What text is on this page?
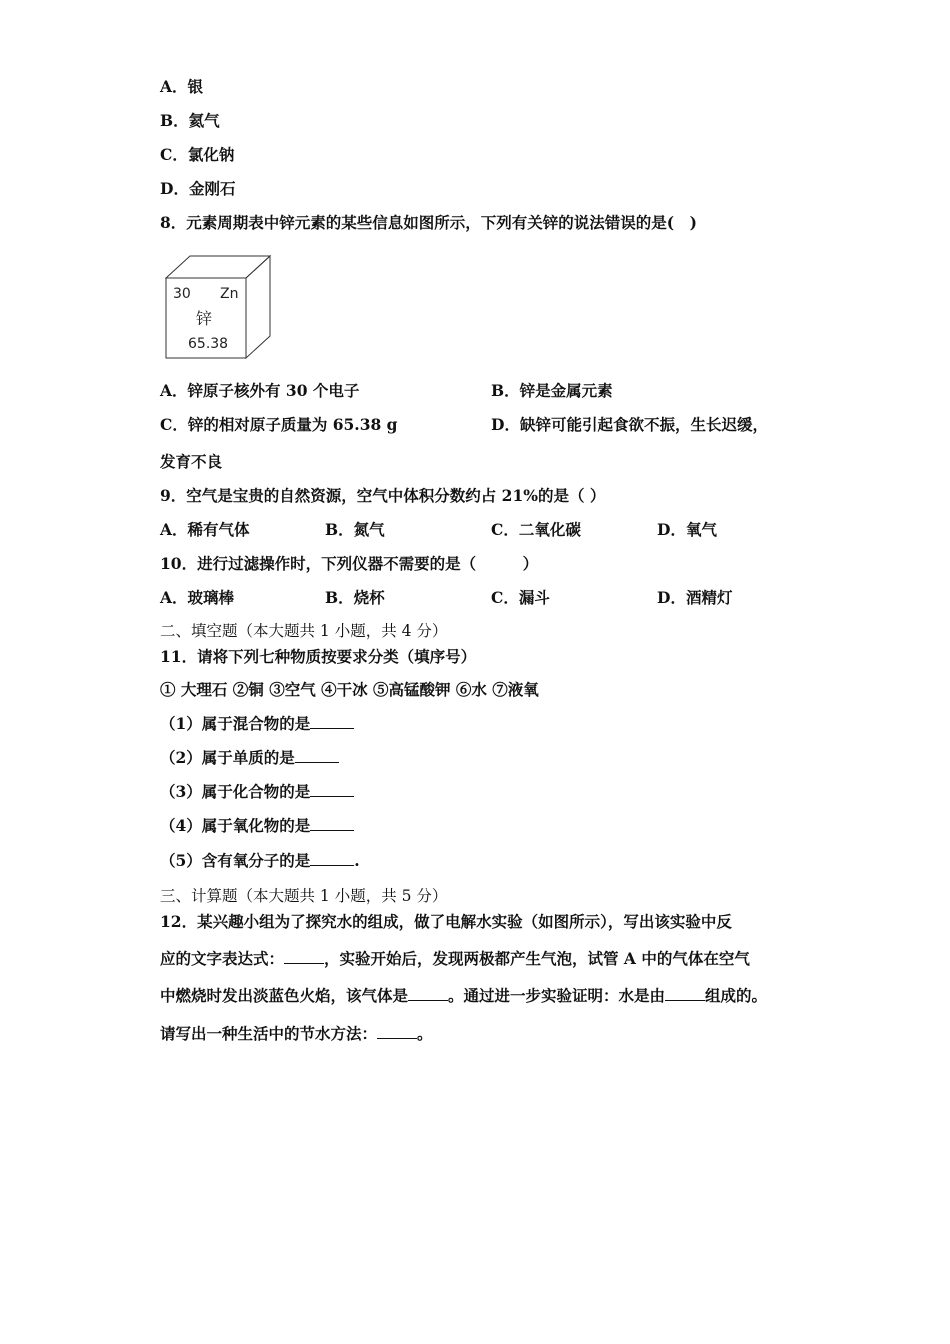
A．银
B．氦气
C．氯化钠
D．金刚石
8．元素周期表中锌元素的某些信息如图所示，下列有关锌的说法错误的是(　)
30 Zn
锌
65.38
A．锌原子核外有 30 个电子	B．锌是金属元素
C．锌的相对原子质量为 65.38 g	D．缺锌可能引起食欲不振，生长迟缓，
发育不良
9．空气是宝贵的自然资源，空气中体积分数约占 21%的是（ ）
A．稀有气体	B．氮气	C．二氧化碳	D．氧气
10．进行过滤操作时，下列仪器不需要的是（　　　）
A．玻璃棒	B．烧杯	C．漏斗	D．酒精灯
二、填空题（本大题共 1 小题，共 4 分）
11．请将下列七种物质按要求分类（填序号）
① 大理石 ②铜 ③空气 ④干冰 ⑤高锰酸钾 ⑥水 ⑦液氧
（1）属于混合物的是
（2）属于单质的是
（3）属于化合物的是
（4）属于氧化物的是
（5）含有氧分子的是	.
三、计算题（本大题共 1 小题，共 5 分）
12．某兴趣小组为了探究水的组成，做了电解水实验（如图所示），写出该实验中反
应的文字表达式：	，实验开始后，发现两极都产生气泡，试管 A 中的气体在空气
中燃烧时发出淡蓝色火焰，该气体是	。通过进一步实验证明：水是由	组成的。
请写出一种生活中的节水方法：	。
